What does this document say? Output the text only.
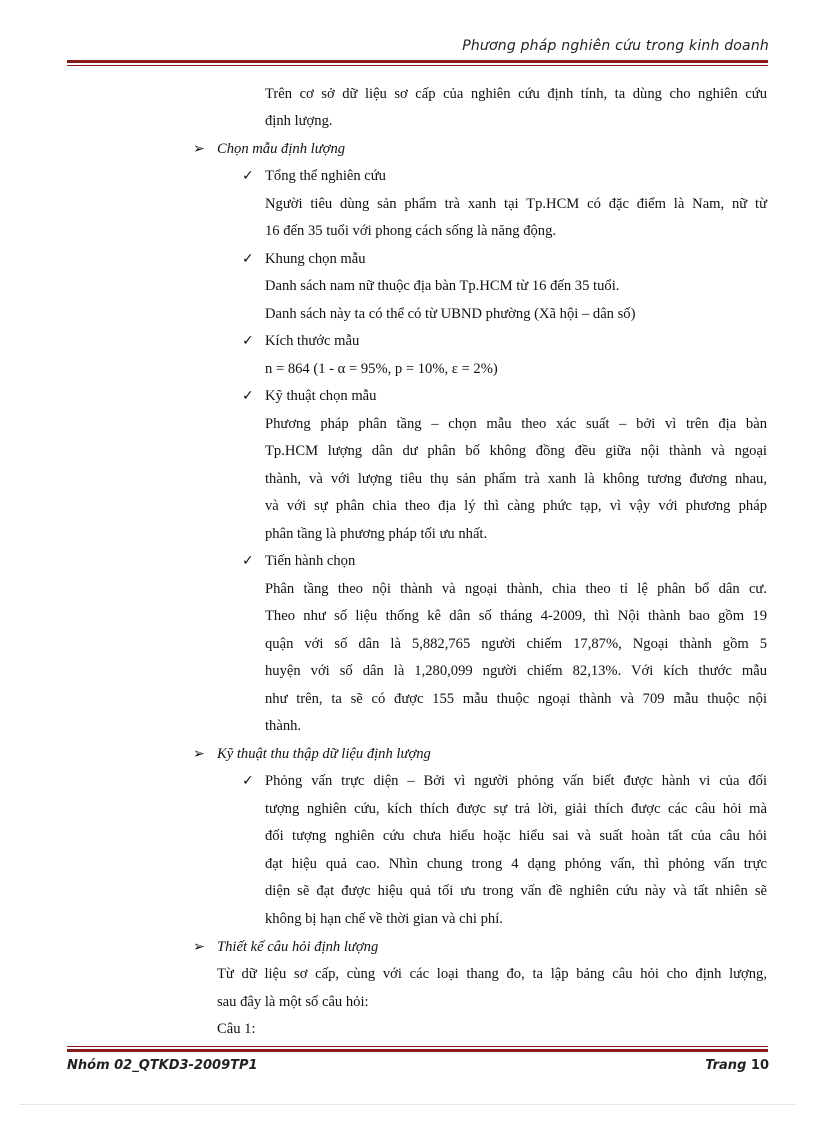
Phương pháp nghiên cứu trong kinh doanh
Trên cơ sở dữ liệu sơ cấp của nghiên cứu định tính, ta dùng cho nghiên cứu
định lượng.
➢ Chọn mẫu định lượng
✓ Tổng thể nghiên cứu
Người tiêu dùng sản phẩm trà xanh tại Tp.HCM có đặc điểm là Nam, nữ từ
16 đến 35 tuổi với phong cách sống là năng động.
✓ Khung chọn mẫu
Danh sách nam nữ thuộc địa bàn Tp.HCM từ 16 đến 35 tuổi.
Danh sách này ta có thể có từ UBND phường (Xã hội – dân số)
✓ Kích thước mẫu
n = 864 (1 - α = 95%, p = 10%, ε = 2%)
✓ Kỹ thuật chọn mẫu
Phương pháp phân tầng – chọn mẫu theo xác suất – bởi vì trên địa bàn
Tp.HCM lượng dân dư phân bố không đồng đều giữa nội thành và ngoại
thành, và với lượng tiêu thụ sản phẩm trà xanh là không tương đương nhau,
và với sự phân chia theo địa lý thì càng phức tạp, vì vậy với phương pháp
phân tầng là phương pháp tối ưu nhất.
✓ Tiến hành chọn
Phân tầng theo nội thành và ngoại thành, chia theo tỉ lệ phân bổ dân cư.
Theo như số liệu thống kê dân số tháng 4-2009, thì Nội thành bao gồm 19
quận với số dân là 5,882,765 người chiếm 17,87%, Ngoại thành gồm 5
huyện với số dân là 1,280,099 người chiếm 82,13%. Với kích thước mẫu
như trên, ta sẽ có được 155 mẫu thuộc ngoại thành và 709 mẫu thuộc nội
thành.
➢ Kỹ thuật thu thập dữ liệu định lượng
✓ Phỏng vấn trực diện – Bởi vì người phỏng vấn biết được hành vi của đối
tượng nghiên cứu, kích thích được sự trả lời, giải thích được các câu hỏi mà
đối tượng nghiên cứu chưa hiểu hoặc hiểu sai và suất hoàn tất của câu hỏi
đạt hiệu quả cao. Nhìn chung trong 4 dạng phỏng vấn, thì phỏng vấn trực
diện sẽ đạt được hiệu quả tối ưu trong vấn đề nghiên cứu này và tất nhiên sẽ
không bị hạn chế về thời gian và chi phí.
➢ Thiết kế câu hỏi định lượng
Từ dữ liệu sơ cấp, cùng với các loại thang đo, ta lập bảng câu hỏi cho định lượng,
sau đây là một số câu hỏi:
Câu 1:
Nhóm 02_QTKD3-2009TP1	Trang 10
